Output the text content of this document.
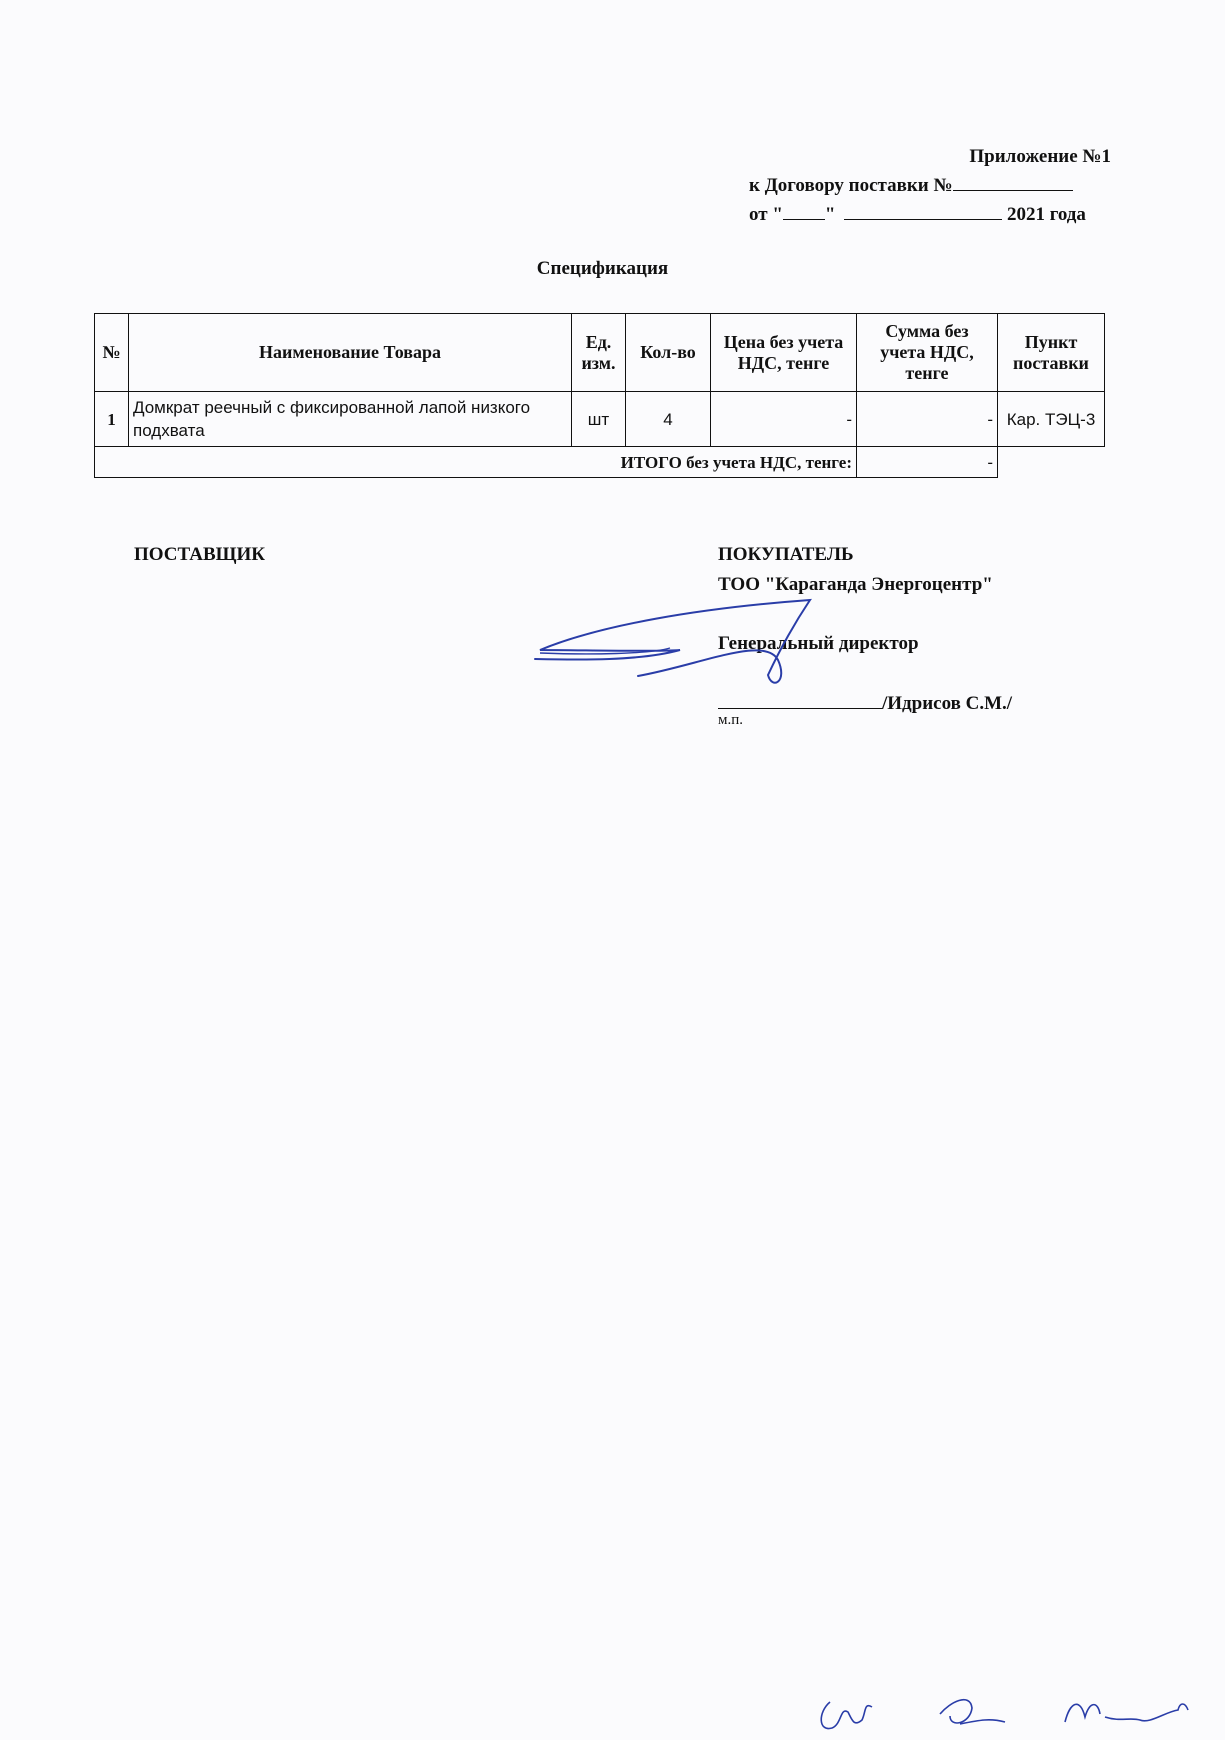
Приложение №1
к Договору поставки №
от " "	2021 года
Спецификация
№	Наименование Товара	Ед. изм.	Кол-во	Цена без учета НДС, тенге	Сумма без учета НДС, тенге	Пункт поставки
1	Домкрат реечный с фиксированной лапой низкого подхвата	шт	4	-	-	Кар. ТЭЦ-3
ИТОГО без учета НДС, тенге:					-	
ПОСТАВЩИК	ПОКУПАТЕЛЬ
ТОО "Караганда Энергоцентр"
Генеральный директор
/Идрисов С.М./
м.п.
